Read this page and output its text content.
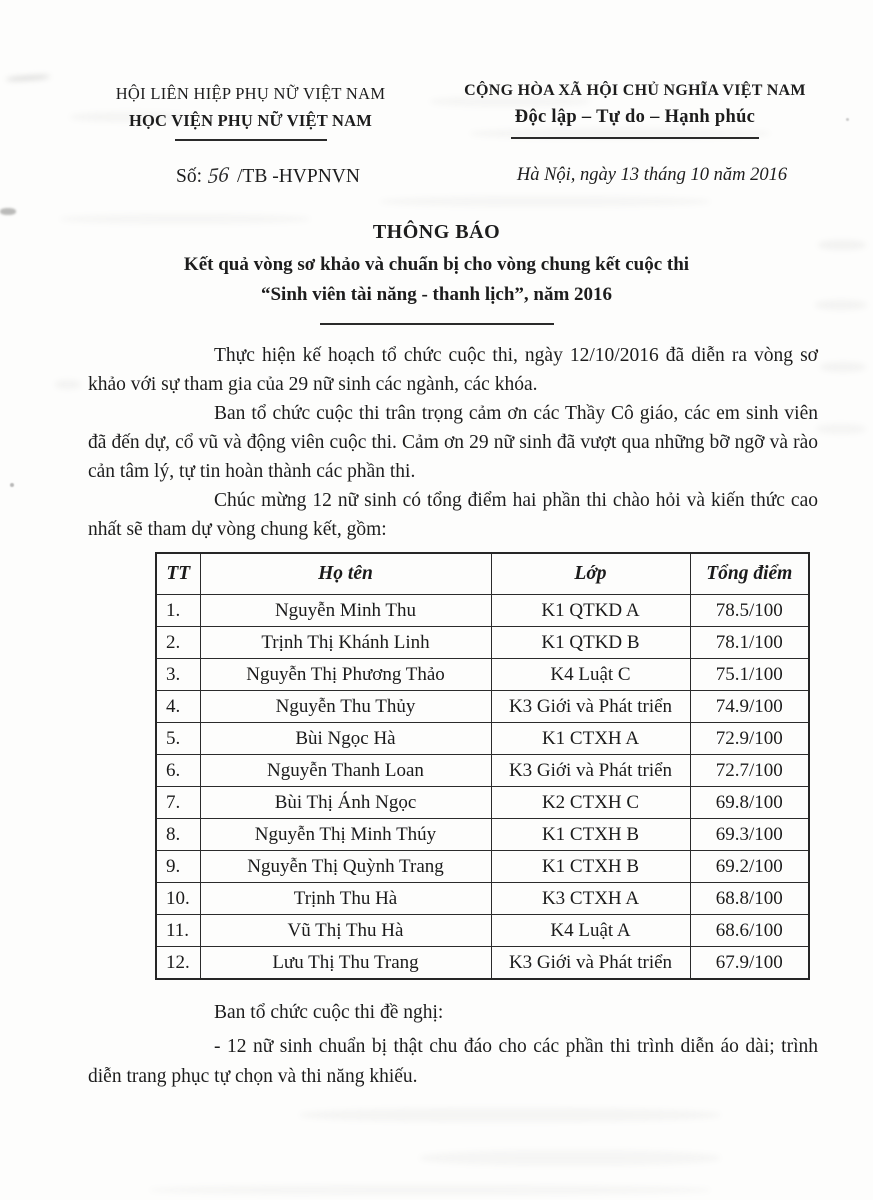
HỘI LIÊN HIỆP PHỤ NỮ VIỆT NAM
HỌC VIỆN PHỤ NỮ VIỆT NAM
Số: 56 /TB -HVPNVN
CỘNG HÒA XÃ HỘI CHỦ NGHĨA VIỆT NAM
Độc lập – Tự do – Hạnh phúc
Hà Nội, ngày 13 tháng 10 năm 2016
THÔNG BÁO
Kết quả vòng sơ khảo và chuẩn bị cho vòng chung kết cuộc thi
“Sinh viên tài năng - thanh lịch”, năm 2016

Thực hiện kế hoạch tổ chức cuộc thi, ngày 12/10/2016 đã diễn ra vòng sơ khảo với sự tham gia của 29 nữ sinh các ngành, các khóa.

Ban tổ chức cuộc thi trân trọng cảm ơn các Thầy Cô giáo, các em sinh viên đã đến dự, cổ vũ và động viên cuộc thi. Cảm ơn 29 nữ sinh đã vượt qua những bỡ ngỡ và rào cản tâm lý, tự tin hoàn thành các phần thi.

Chúc mừng 12 nữ sinh có tổng điểm hai phần thi chào hỏi và kiến thức cao nhất sẽ tham dự vòng chung kết, gồm:

TT	Họ tên	Lớp	Tổng điểm
1.	Nguyễn Minh Thu	K1 QTKD A	78.5/100
2.	Trịnh Thị Khánh Linh	K1 QTKD B	78.1/100
3.	Nguyễn Thị Phương Thảo	K4 Luật C	75.1/100
4.	Nguyễn Thu Thủy	K3 Giới và Phát triển	74.9/100
5.	Bùi Ngọc Hà	K1 CTXH A	72.9/100
6.	Nguyễn Thanh Loan	K3 Giới và Phát triển	72.7/100
7.	Bùi Thị Ánh Ngọc	K2 CTXH C	69.8/100
8.	Nguyễn Thị Minh Thúy	K1 CTXH B	69.3/100
9.	Nguyễn Thị Quỳnh Trang	K1 CTXH B	69.2/100
10.	Trịnh Thu Hà	K3 CTXH A	68.8/100
11.	Vũ Thị Thu Hà	K4 Luật A	68.6/100
12.	Lưu Thị Thu Trang	K3 Giới và Phát triển	67.9/100

Ban tổ chức cuộc thi đề nghị:

- 12 nữ sinh chuẩn bị thật chu đáo cho các phần thi trình diễn áo dài; trình diễn trang phục tự chọn và thi năng khiếu.
